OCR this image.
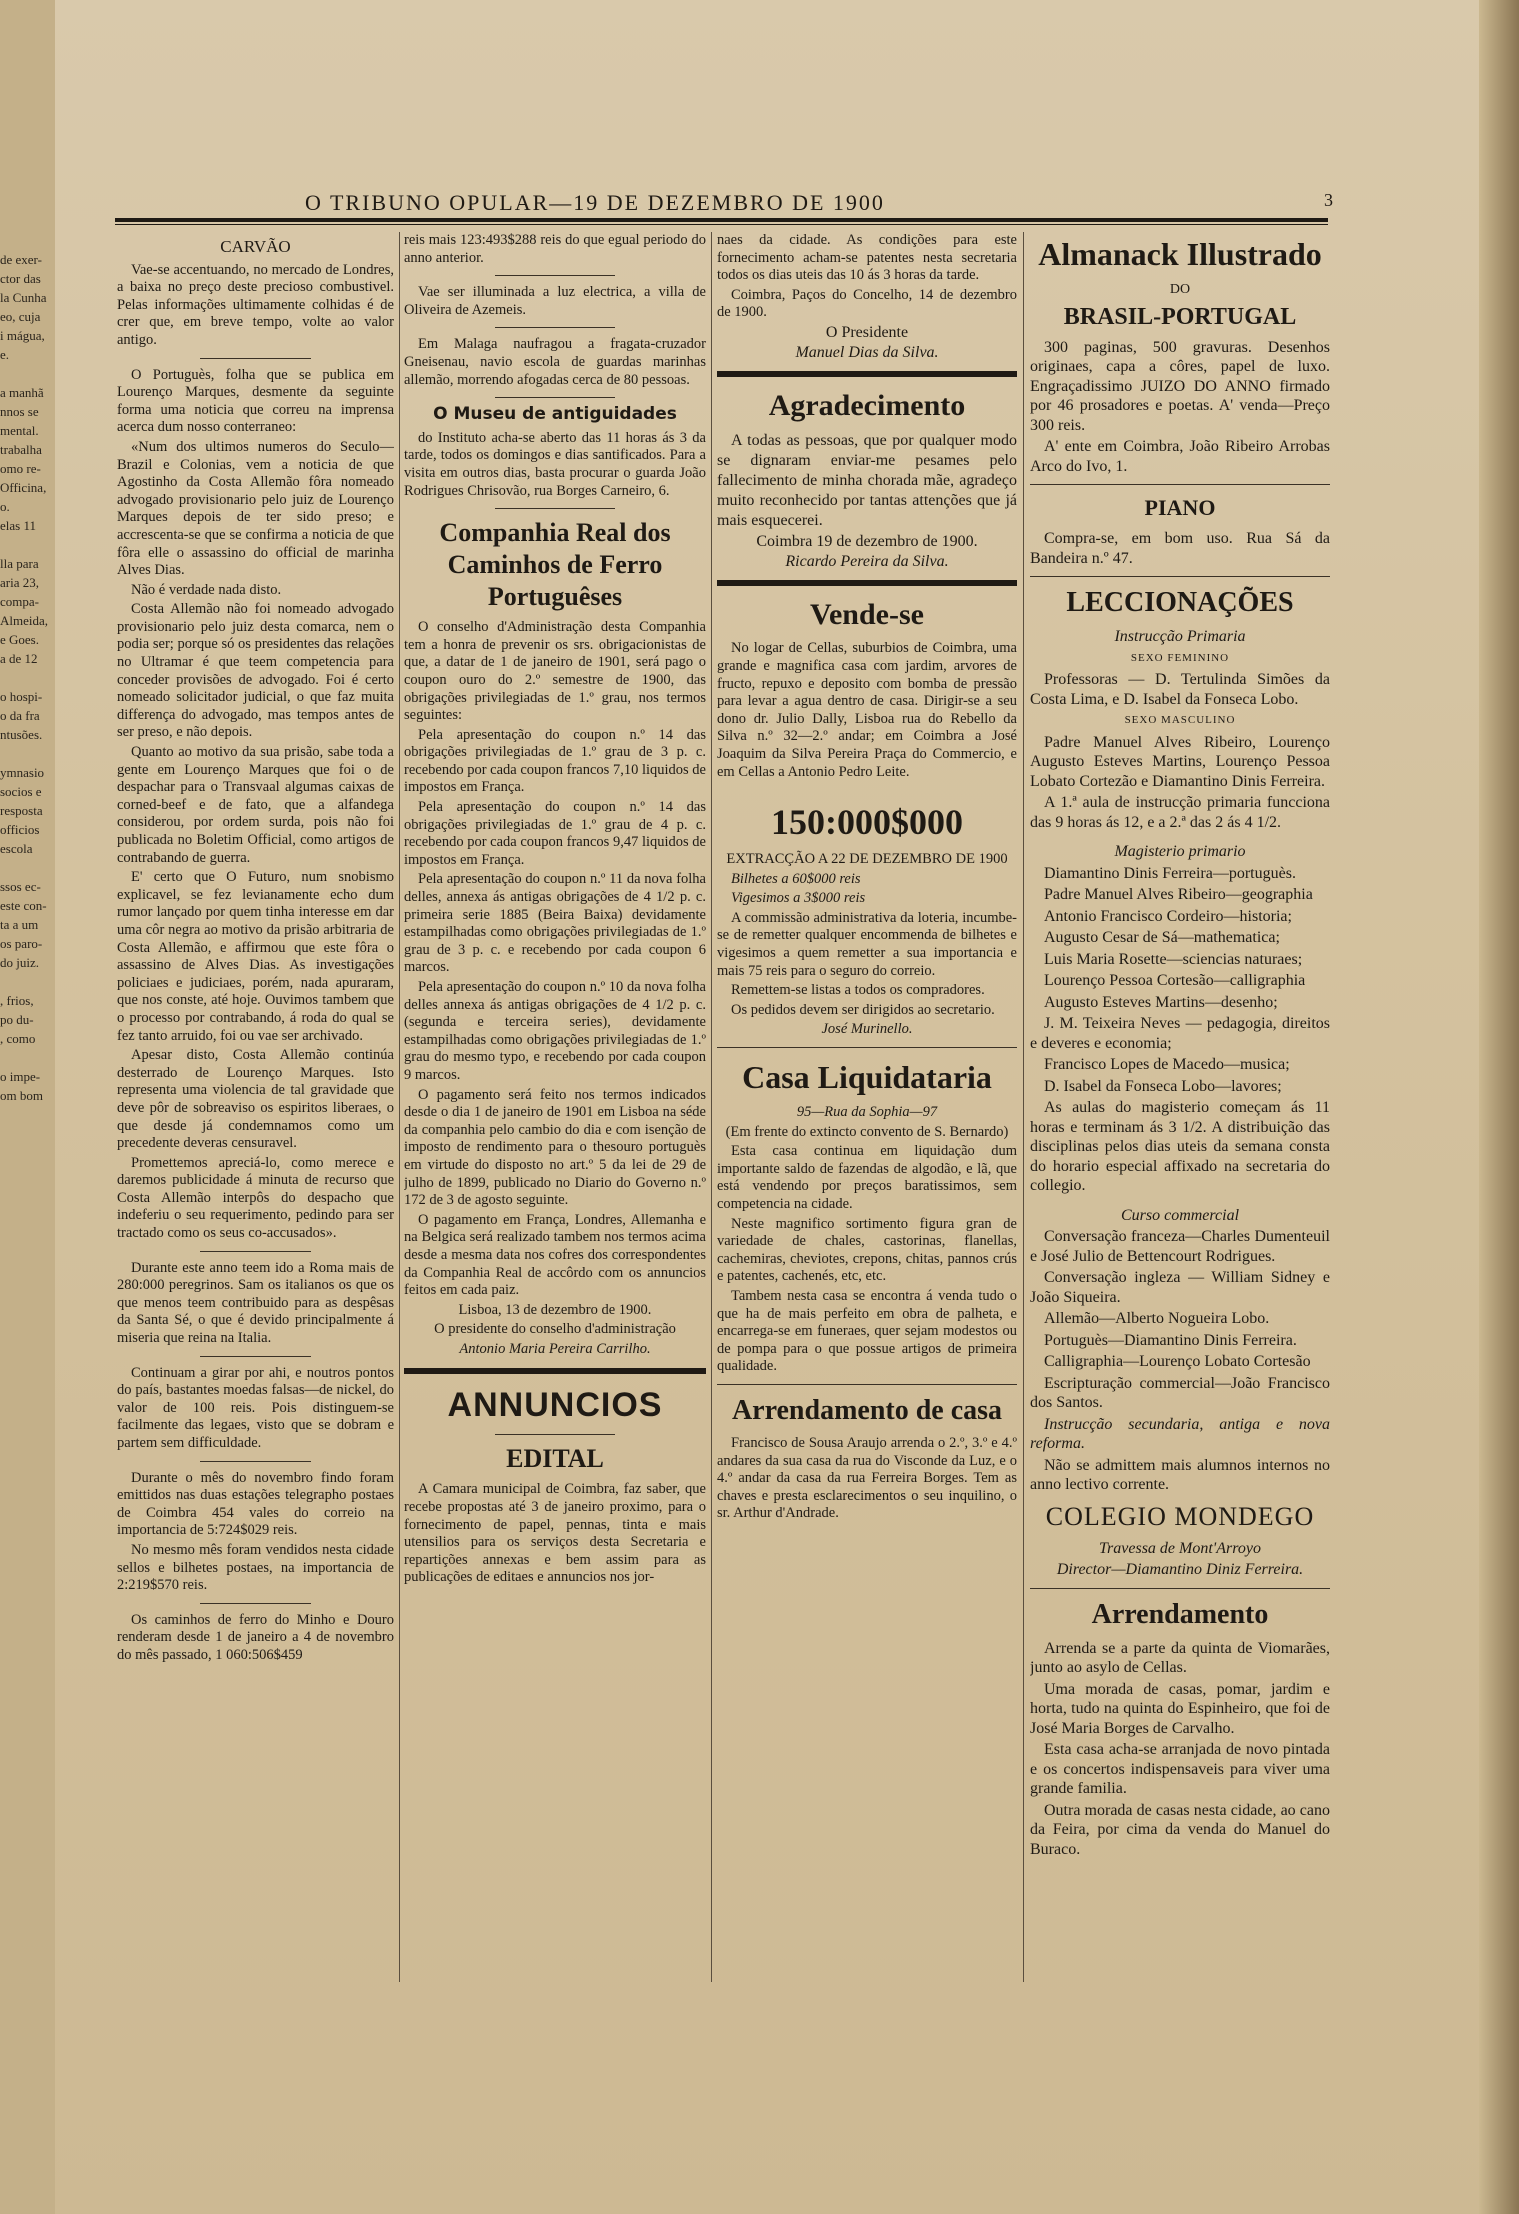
de exer-
ctor das
la Cunha
eo, cuja
i mágua,
e.

a manhã
nnos se
mental.
trabalha
omo re-
Officina,
o.
elas 11

lla para
aria 23,
compa-
Almeida,
e Goes.
a de 12

o hospi-
o da fra
ntusões.

ymnasio
socios e
resposta
officios
escola

ssos ec-
este con-
ta a um
os paro-
do juiz.

, frios,
po du-
, como

o impe-
om bom
O TRIBUNO OPULAR—19 DE DEZEMBRO DE 1900	3
CARVÃO

Vae-se accentuando, no mercado de Londres, a baixa no preço deste precioso combustivel. Pelas informações ultimamente colhidas é de crer que, em breve tempo, volte ao valor antigo.

O Portuguès, folha que se publica em Lourenço Marques, desmente da seguinte forma uma noticia que correu na imprensa acerca dum nosso conterraneo:

«Num dos ultimos numeros do Seculo—Brazil e Colonias, vem a noticia de que Agostinho da Costa Allemão fôra nomeado advogado provisionario pelo juiz de Lourenço Marques depois de ter sido preso; e accrescenta-se que se confirma a noticia de que fôra elle o assassino do official de marinha Alves Dias.

Não é verdade nada disto.

Costa Allemão não foi nomeado advogado provisionario pelo juiz desta comarca, nem o podia ser; porque só os presidentes das relações no Ultramar é que teem competencia para conceder provisões de advogado. Foi é certo nomeado solicitador judicial, o que faz muita differença do advogado, mas tempos antes de ser preso, e não depois.

Quanto ao motivo da sua prisão, sabe toda a gente em Lourenço Marques que foi o de despachar para o Transvaal algumas caixas de corned-beef e de fato, que a alfandega considerou, por ordem surda, pois não foi publicada no Boletim Official, como artigos de contrabando de guerra.

E' certo que O Futuro, num snobismo explicavel, se fez levianamente echo dum rumor lançado por quem tinha interesse em dar uma côr negra ao motivo da prisão arbitraria de Costa Allemão, e affirmou que este fôra o assassino de Alves Dias. As investigações policiaes e judiciaes, porém, nada apuraram, que nos conste, até hoje. Ouvimos tambem que o processo por contrabando, á roda do qual se fez tanto arruido, foi ou vae ser archivado.

Apesar disto, Costa Allemão continúa desterrado de Lourenço Marques. Isto representa uma violencia de tal gravidade que deve pôr de sobreaviso os espiritos liberaes, o que desde já condemnamos como um precedente deveras censuravel.

Promettemos apreciá-lo, como merece e daremos publicidade á minuta de recurso que Costa Allemão interpôs do despacho que indeferiu o seu requerimento, pedindo para ser tractado como os seus co-accusados».

Durante este anno teem ido a Roma mais de 280:000 peregrinos. Sam os italianos os que os que menos teem contribuido para as despêsas da Santa Sé, o que é devido principalmente á miseria que reina na Italia.

Continuam a girar por ahi, e noutros pontos do país, bastantes moedas falsas—de nickel, do valor de 100 reis. Pois distinguem-se facilmente das legaes, visto que se dobram e partem sem difficuldade.

Durante o mês do novembro findo foram emittidos nas duas estações telegrapho postaes de Coimbra 454 vales do correio na importancia de 5:724$029 reis.

No mesmo mês foram vendidos nesta cidade sellos e bilhetes postaes, na importancia de 2:219$570 reis.

Os caminhos de ferro do Minho e Douro renderam desde 1 de janeiro a 4 de novembro do mês passado, 1 060:506$459

reis mais 123:493$288 reis do que egual periodo do anno anterior.

Vae ser illuminada a luz electrica, a villa de Oliveira de Azemeis.

Em Malaga naufragou a fragata-cruzador Gneisenau, navio escola de guardas marinhas allemão, morrendo afogadas cerca de 80 pessoas.

O Museu de antiguidades

do Instituto acha-se aberto das 11 horas ás 3 da tarde, todos os domingos e dias santificados. Para a visita em outros dias, basta procurar o guarda João Rodrigues Chrisovão, rua Borges Carneiro, 6.

Companhia Real dos Caminhos de Ferro Portuguêses

O conselho d'Administração desta Companhia tem a honra de prevenir os srs. obrigacionistas de que, a datar de 1 de janeiro de 1901, será pago o coupon ouro do 2.º semestre de 1900, das obrigações privilegiadas de 1.º grau, nos termos seguintes:

Pela apresentação do coupon n.º 14 das obrigações privilegiadas de 1.º grau de 3 p. c. recebendo por cada coupon francos 7,10 liquidos de impostos em França.

Pela apresentação do coupon n.º 14 das obrigações privilegiadas de 1.º grau de 4 p. c. recebendo por cada coupon francos 9,47 liquidos de impostos em França.

Pela apresentação do coupon n.º 11 da nova folha delles, annexa ás antigas obrigações de 4 1/2 p. c. primeira serie 1885 (Beira Baixa) devidamente estampilhadas como obrigações privilegiadas de 1.º grau de 3 p. c. e recebendo por cada coupon 6 marcos.

Pela apresentação do coupon n.º 10 da nova folha delles annexa ás antigas obrigações de 4 1/2 p. c. (segunda e terceira series), devidamente estampilhadas como obrigações privilegiadas de 1.º grau do mesmo typo, e recebendo por cada coupon 9 marcos.

O pagamento será feito nos termos indicados desde o dia 1 de janeiro de 1901 em Lisboa na séde da companhia pelo cambio do dia e com isenção de imposto de rendimento para o thesouro portuguès em virtude do disposto no art.º 5 da lei de 29 de julho de 1899, publicado no Diario do Governo n.º 172 de 3 de agosto seguinte.

O pagamento em França, Londres, Allemanha e na Belgica será realizado tambem nos termos acima desde a mesma data nos cofres dos correspondentes da Companhia Real de accôrdo com os annuncios feitos em cada paiz.

Lisboa, 13 de dezembro de 1900.

O presidente do conselho d'administração

Antonio Maria Pereira Carrilho.

ANNUNCIOS
EDITAL

A Camara municipal de Coimbra, faz saber, que recebe propostas até 3 de janeiro proximo, para o fornecimento de papel, pennas, tinta e mais utensilios para os serviços desta Secretaria e repartições annexas e bem assim para as publicações de editaes e annuncios nos jor-

naes da cidade. As condições para este fornecimento acham-se patentes nesta secretaria todos os dias uteis das 10 ás 3 horas da tarde.

Coimbra, Paços do Concelho, 14 de dezembro de 1900.

O Presidente

Manuel Dias da Silva.

Agradecimento

A todas as pessoas, que por qualquer modo se dignaram enviar-me pesames pelo fallecimento de minha chorada mãe, agradeço muito reconhecido por tantas attenções que já mais esquecerei.

Coimbra 19 de dezembro de 1900.

Ricardo Pereira da Silva.

Vende-se

No logar de Cellas, suburbios de Coimbra, uma grande e magnifica casa com jardim, arvores de fructo, repuxo e deposito com bomba de pressão para levar a agua dentro de casa. Dirigir-se a seu dono dr. Julio Dally, Lisboa rua do Rebello da Silva n.º 32—2.º andar; em Coimbra a José Joaquim da Silva Pereira Praça do Commercio, e em Cellas a Antonio Pedro Leite.

150:000$000

EXTRACÇÃO A 22 DE DEZEMBRO DE 1900

Bilhetes a 60$000 reis

Vigesimos a 3$000 reis

A commissão administrativa da loteria, incumbe-se de remetter qualquer encommenda de bilhetes e vigesimos a quem remetter a sua importancia e mais 75 reis para o seguro do correio.

Remettem-se listas a todos os compradores.

Os pedidos devem ser dirigidos ao secretario.

José Murinello.

Casa Liquidataria

95—Rua da Sophia—97

(Em frente do extincto convento de S. Bernardo)

Esta casa continua em liquidação dum importante saldo de fazendas de algodão, e lã, que está vendendo por preços baratissimos, sem competencia na cidade.

Neste magnifico sortimento figura gran de variedade de chales, castorinas, flanellas, cachemiras, cheviotes, crepons, chitas, pannos crús e patentes, cachenés, etc, etc.

Tambem nesta casa se encontra á venda tudo o que ha de mais perfeito em obra de palheta, e encarrega-se em funeraes, quer sejam modestos ou de pompa para o que possue artigos de primeira qualidade.

Arrendamento de casa

Francisco de Sousa Araujo arrenda o 2.º, 3.º e 4.º andares da sua casa da rua do Visconde da Luz, e o 4.º andar da casa da rua Ferreira Borges. Tem as chaves e presta esclarecimentos o seu inquilino, o sr. Arthur d'Andrade.

Almanack Illustrado
DO
BRASIL-PORTUGAL

300 paginas, 500 gravuras. Desenhos originaes, capa a côres, papel de luxo. Engraçadissimo JUIZO DO ANNO firmado por 46 prosadores e poetas. A' venda—Preço 300 reis.

A' ente em Coimbra, João Ribeiro Arrobas Arco do Ivo, 1.

PIANO

Compra-se, em bom uso. Rua Sá da Bandeira n.º 47.

LECCIONAÇÕES

Instrucção Primaria

SEXO FEMININO

Professoras — D. Tertulinda Simões da Costa Lima, e D. Isabel da Fonseca Lobo.

SEXO MASCULINO

Padre Manuel Alves Ribeiro, Lourenço Augusto Esteves Martins, Lourenço Pessoa Lobato Cortezão e Diamantino Dinis Ferreira.

A 1.ª aula de instrucção primaria funcciona das 9 horas ás 12, e a 2.ª das 2 ás 4 1/2.

Magisterio primario

Diamantino Dinis Ferreira—portuguès.

Padre Manuel Alves Ribeiro—geographia

Antonio Francisco Cordeiro—historia;

Augusto Cesar de Sá—mathematica;

Luis Maria Rosette—sciencias naturaes;

Lourenço Pessoa Cortesão—calligraphia

Augusto Esteves Martins—desenho;

J. M. Teixeira Neves — pedagogia, direitos e deveres e economia;

Francisco Lopes de Macedo—musica;

D. Isabel da Fonseca Lobo—lavores;

As aulas do magisterio começam ás 11 horas e terminam ás 3 1/2. A distribuição das disciplinas pelos dias uteis da semana consta do horario especial affixado na secretaria do collegio.

Curso commercial

Conversação franceza—Charles Dumenteuil e José Julio de Bettencourt Rodrigues.

Conversação ingleza — William Sidney e João Siqueira.

Allemão—Alberto Nogueira Lobo.

Portuguès—Diamantino Dinis Ferreira.

Calligraphia—Lourenço Lobato Cortesão

Escripturação commercial—João Francisco dos Santos.

Instrucção secundaria, antiga e nova reforma.

Não se admittem mais alumnos internos no anno lectivo corrente.

COLEGIO MONDEGO

Travessa de Mont'Arroyo

Director—Diamantino Diniz Ferreira.

Arrendamento

Arrenda se a parte da quinta de Viomarães, junto ao asylo de Cellas.

Uma morada de casas, pomar, jardim e horta, tudo na quinta do Espinheiro, que foi de José Maria Borges de Carvalho.

Esta casa acha-se arranjada de novo pintada e os concertos indispensaveis para viver uma grande familia.

Outra morada de casas nesta cidade, ao cano da Feira, por cima da venda do Manuel do Buraco.
